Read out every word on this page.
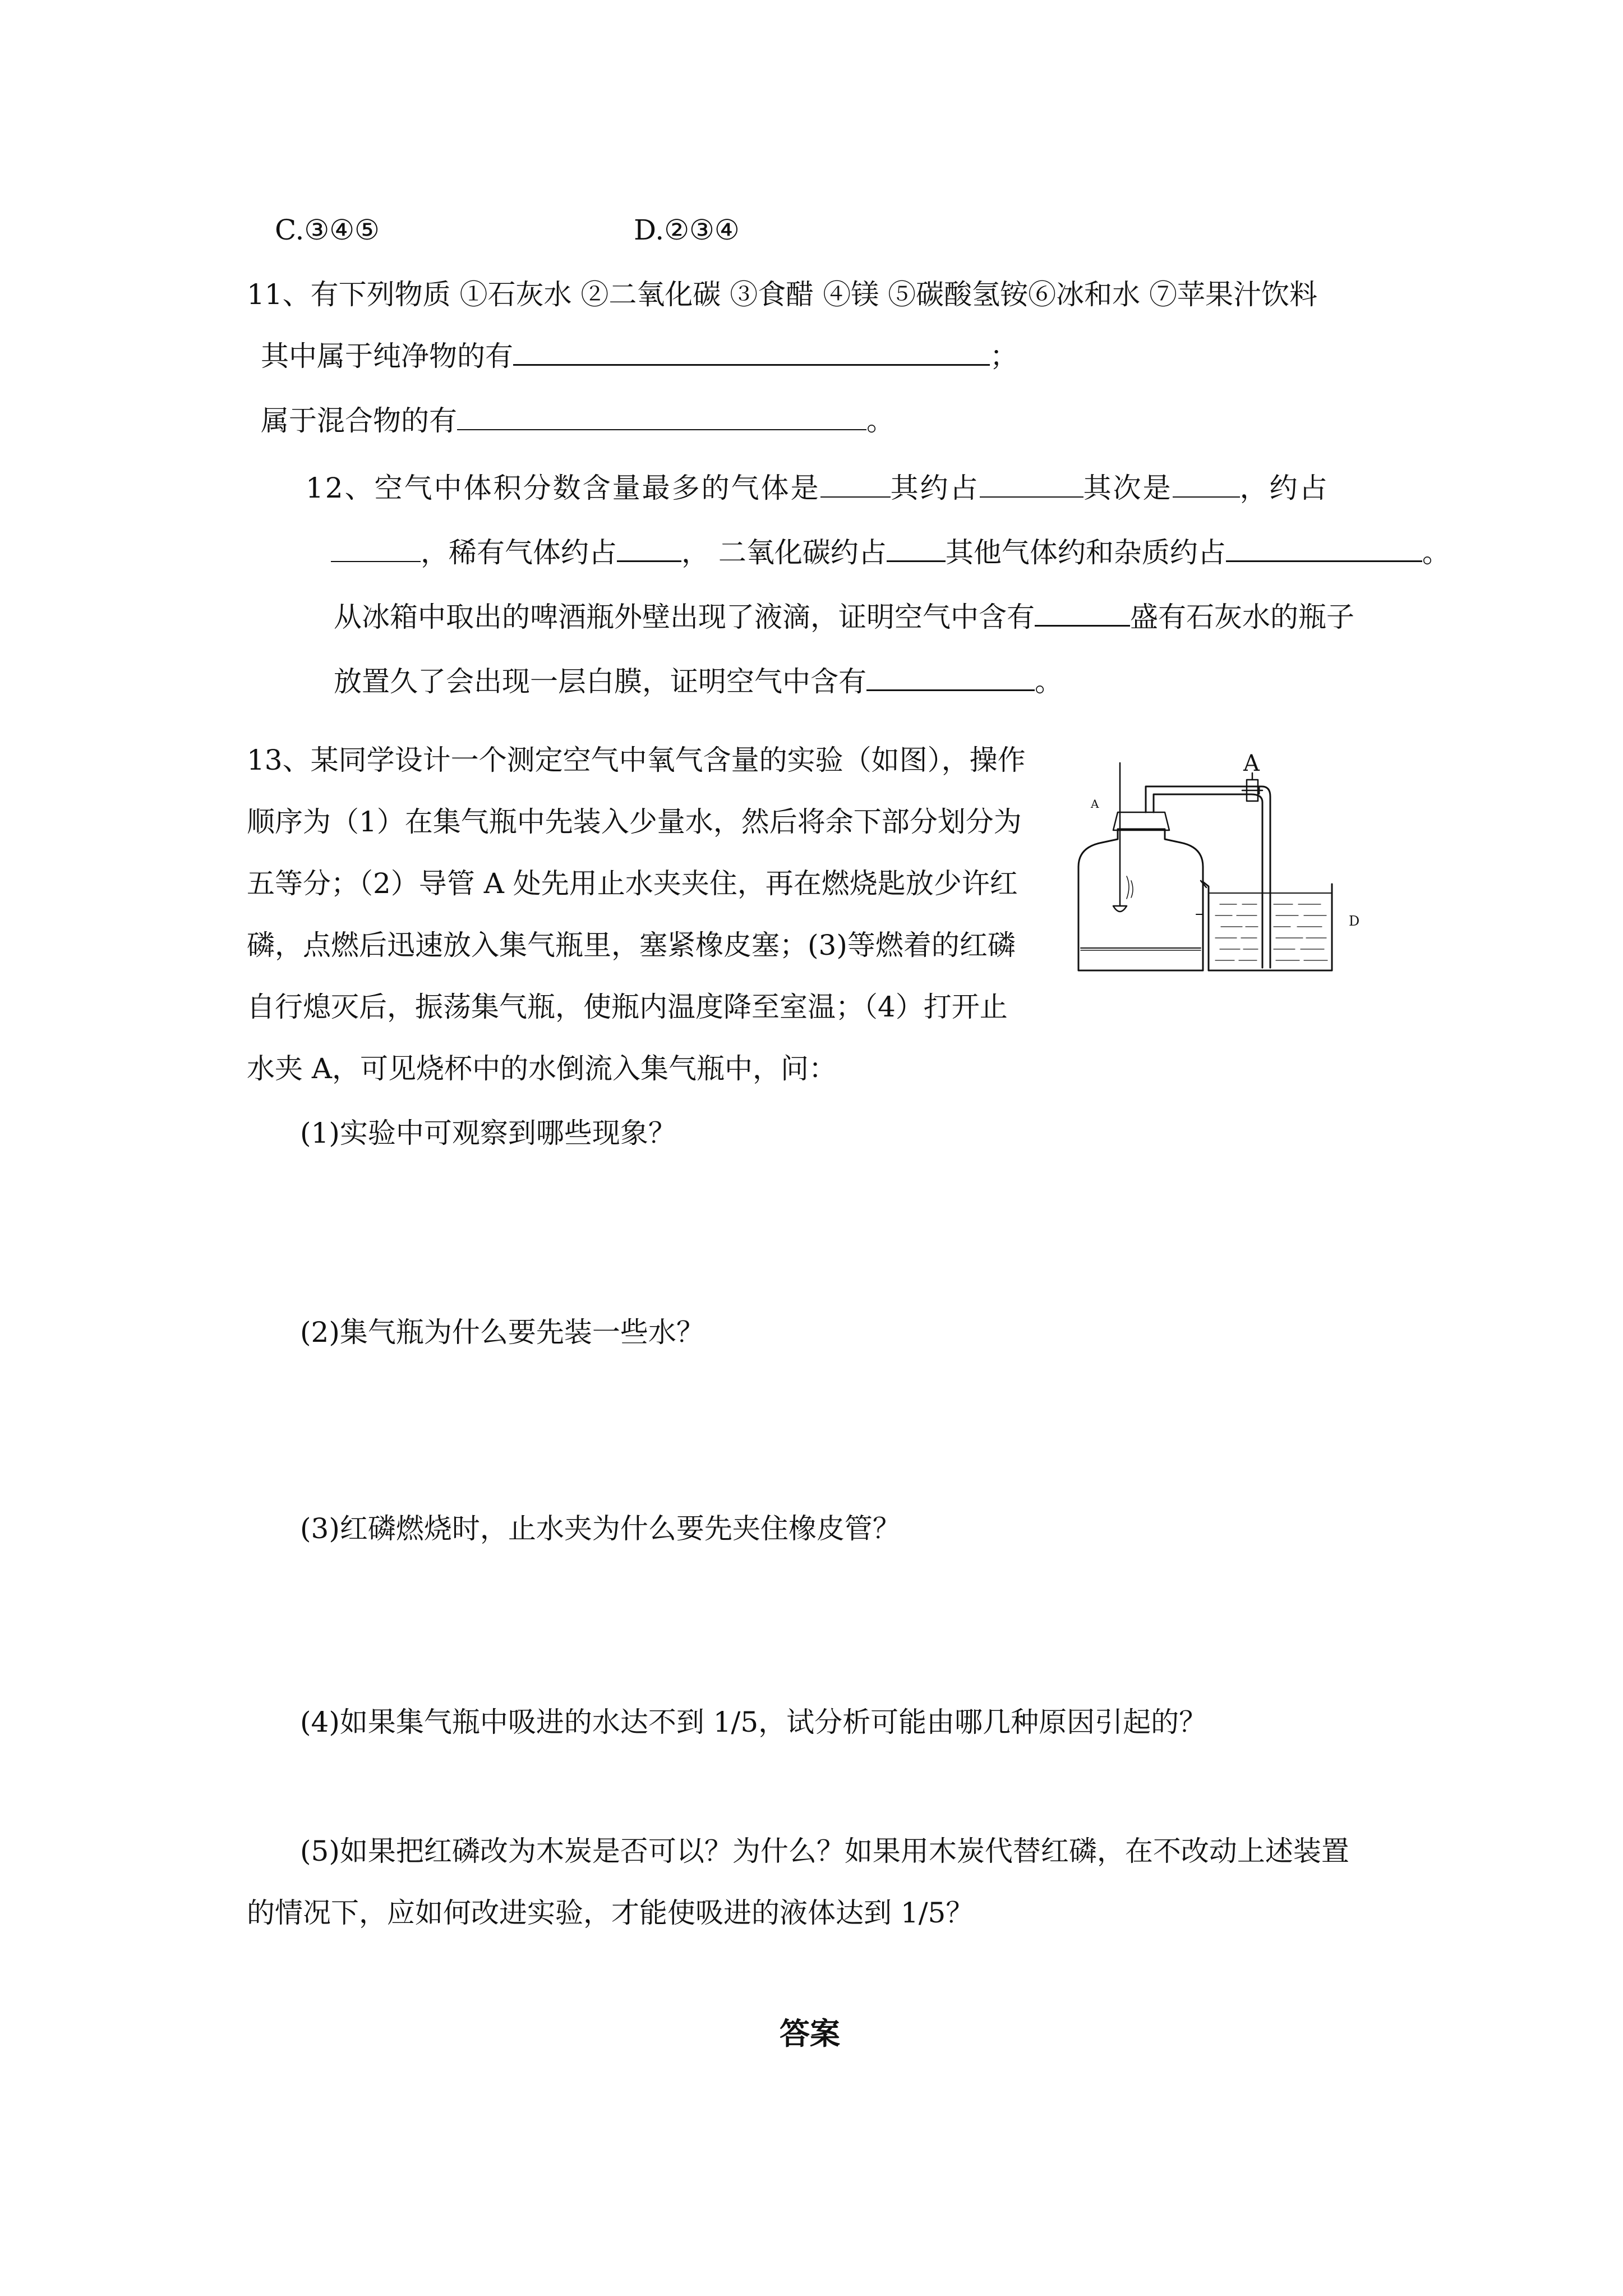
C.③④⑤	D.②③④
11、有下列物质 ①石灰水 ②二氧化碳 ③食醋 ④镁 ⑤碳酸氢铵⑥冰和水 ⑦苹果汁饮料
其中属于纯净物的有	；
属于混合物的有	。
12、空气中体积分数含量最多的气体是	其约占	其次是 ，约占
，稀有气体约占 ， 二氧化碳约占 其他气体约和杂质约占	。
从冰箱中取出的啤酒瓶外壁出现了液滴，证明空气中含有	盛有石灰水的瓶子
放置久了会出现一层白膜，证明空气中含有	。
13、某同学设计一个测定空气中氧气含量的实验（如图），操作
顺序为（1）在集气瓶中先装入少量水，然后将余下部分划分为
五等分；（2）导管 A 处先用止水夹夹住，再在燃烧匙放少许红
磷，点燃后迅速放入集气瓶里，塞紧橡皮塞；(3)等燃着的红磷
自行熄灭后，振荡集气瓶，使瓶内温度降至室温；（4）打开止
水夹 A，可见烧杯中的水倒流入集气瓶中，问：
(1)实验中可观察到哪些现象？
(2)集气瓶为什么要先装一些水？
(3)红磷燃烧时，止水夹为什么要先夹住橡皮管？
(4)如果集气瓶中吸进的水达不到 1/5，试分析可能由哪几种原因引起的？
(5)如果把红磷改为木炭是否可以？为什么？如果用木炭代替红磷，在不改动上述装置
的情况下，应如何改进实验，才能使吸进的液体达到 1/5？
答案
A
A
D
